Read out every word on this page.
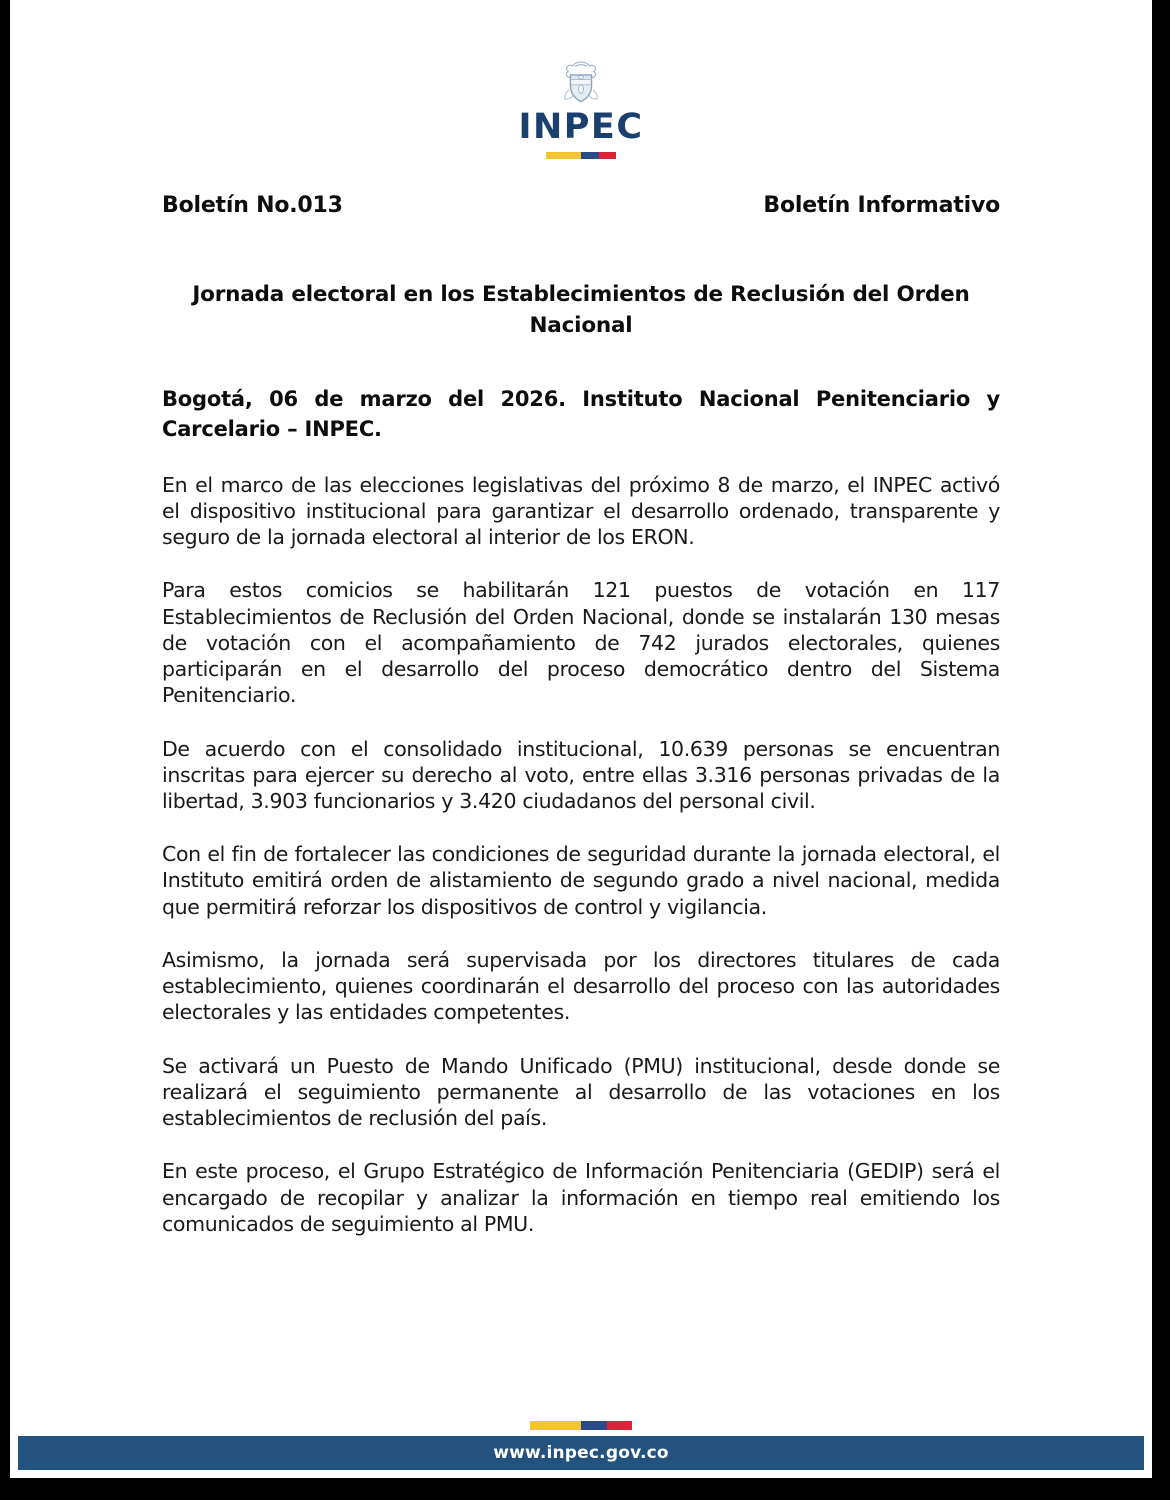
INPEC
Boletín No.013	Boletín Informativo
Jornada electoral en los Establecimientos de Reclusión del Orden Nacional

Bogotá, 06 de marzo del 2026. Instituto Nacional Penitenciario y Carcelario – INPEC.

En el marco de las elecciones legislativas del próximo 8 de marzo, el INPEC activó el dispositivo institucional para garantizar el desarrollo ordenado, transparente y seguro de la jornada electoral al interior de los ERON.

Para estos comicios se habilitarán 121 puestos de votación en 117 Establecimientos de Reclusión del Orden Nacional, donde se instalarán 130 mesas de votación con el acompañamiento de 742 jurados electorales, quienes participarán en el desarrollo del proceso democrático dentro del Sistema Penitenciario.

De acuerdo con el consolidado institucional, 10.639 personas se encuentran inscritas para ejercer su derecho al voto, entre ellas 3.316 personas privadas de la libertad, 3.903 funcionarios y 3.420 ciudadanos del personal civil.

Con el fin de fortalecer las condiciones de seguridad durante la jornada electoral, el Instituto emitirá orden de alistamiento de segundo grado a nivel nacional, medida que permitirá reforzar los dispositivos de control y vigilancia.

Asimismo, la jornada será supervisada por los directores titulares de cada establecimiento, quienes coordinarán el desarrollo del proceso con las autoridades electorales y las entidades competentes.

Se activará un Puesto de Mando Unificado (PMU) institucional, desde donde se realizará el seguimiento permanente al desarrollo de las votaciones en los establecimientos de reclusión del país.

En este proceso, el Grupo Estratégico de Información Penitenciaria (GEDIP) será el encargado de recopilar y analizar la información en tiempo real emitiendo los comunicados de seguimiento al PMU.

www.inpec.gov.co
